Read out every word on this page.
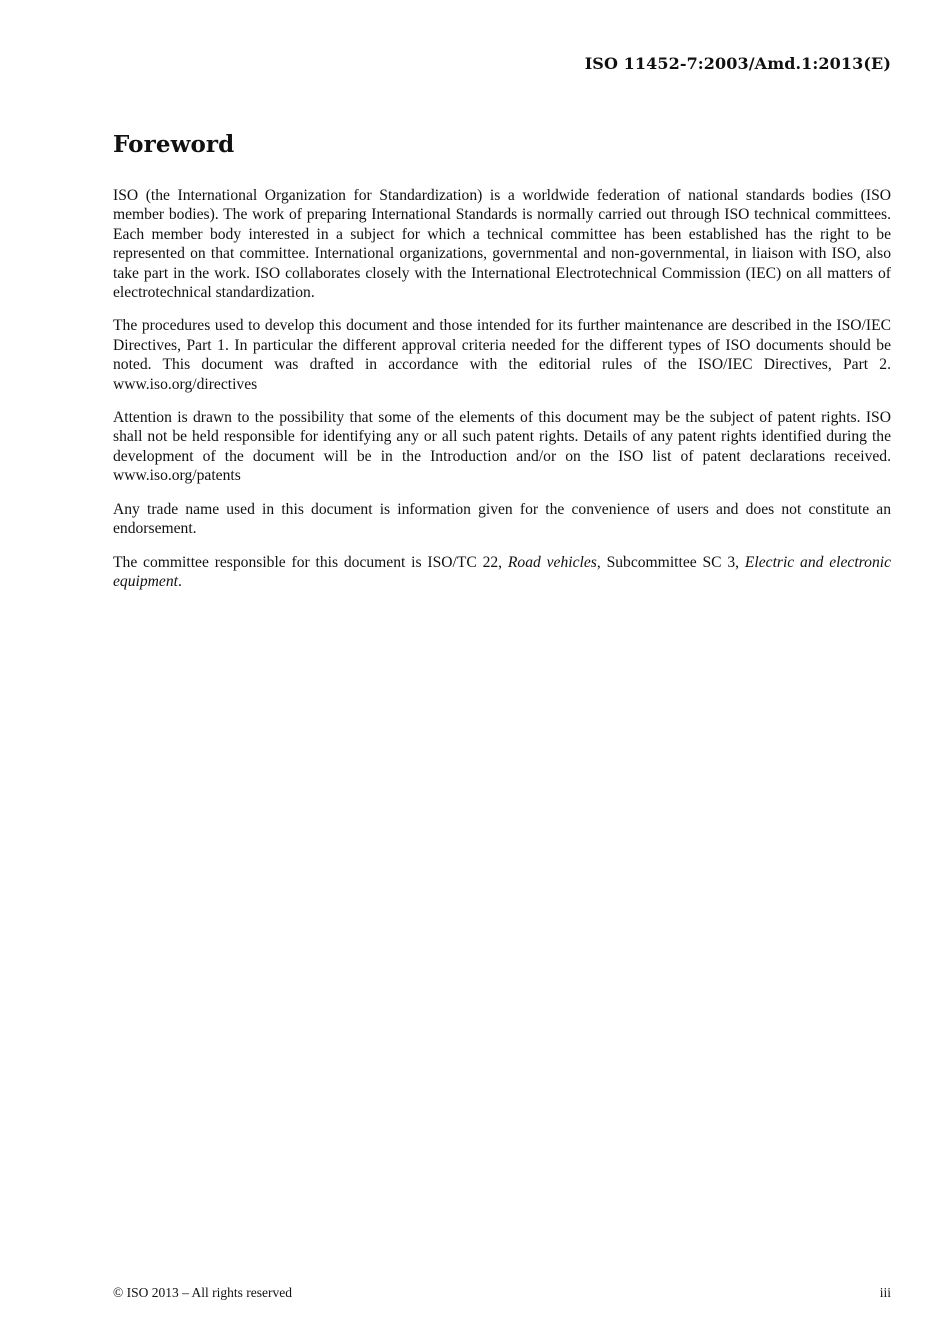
ISO 11452-7:2003/Amd.1:2013(E)
Foreword

ISO (the International Organization for Standardization) is a worldwide federation of national standards bodies (ISO member bodies). The work of preparing International Standards is normally carried out through ISO technical committees. Each member body interested in a subject for which a technical committee has been established has the right to be represented on that committee. International organizations, governmental and non-governmental, in liaison with ISO, also take part in the work. ISO collaborates closely with the International Electrotechnical Commission (IEC) on all matters of electrotechnical standardization.

The procedures used to develop this document and those intended for its further maintenance are described in the ISO/IEC Directives, Part 1. In particular the different approval criteria needed for the different types of ISO documents should be noted. This document was drafted in accordance with the editorial rules of the ISO/IEC Directives, Part 2. www.iso.org/directives

Attention is drawn to the possibility that some of the elements of this document may be the subject of patent rights. ISO shall not be held responsible for identifying any or all such patent rights. Details of any patent rights identified during the development of the document will be in the Introduction and/or on the ISO list of patent declarations received. www.iso.org/patents

Any trade name used in this document is information given for the convenience of users and does not constitute an endorsement.

The committee responsible for this document is ISO/TC 22, Road vehicles, Subcommittee SC 3, Electric and electronic equipment.

© ISO 2013 – All rights reserved	iii
